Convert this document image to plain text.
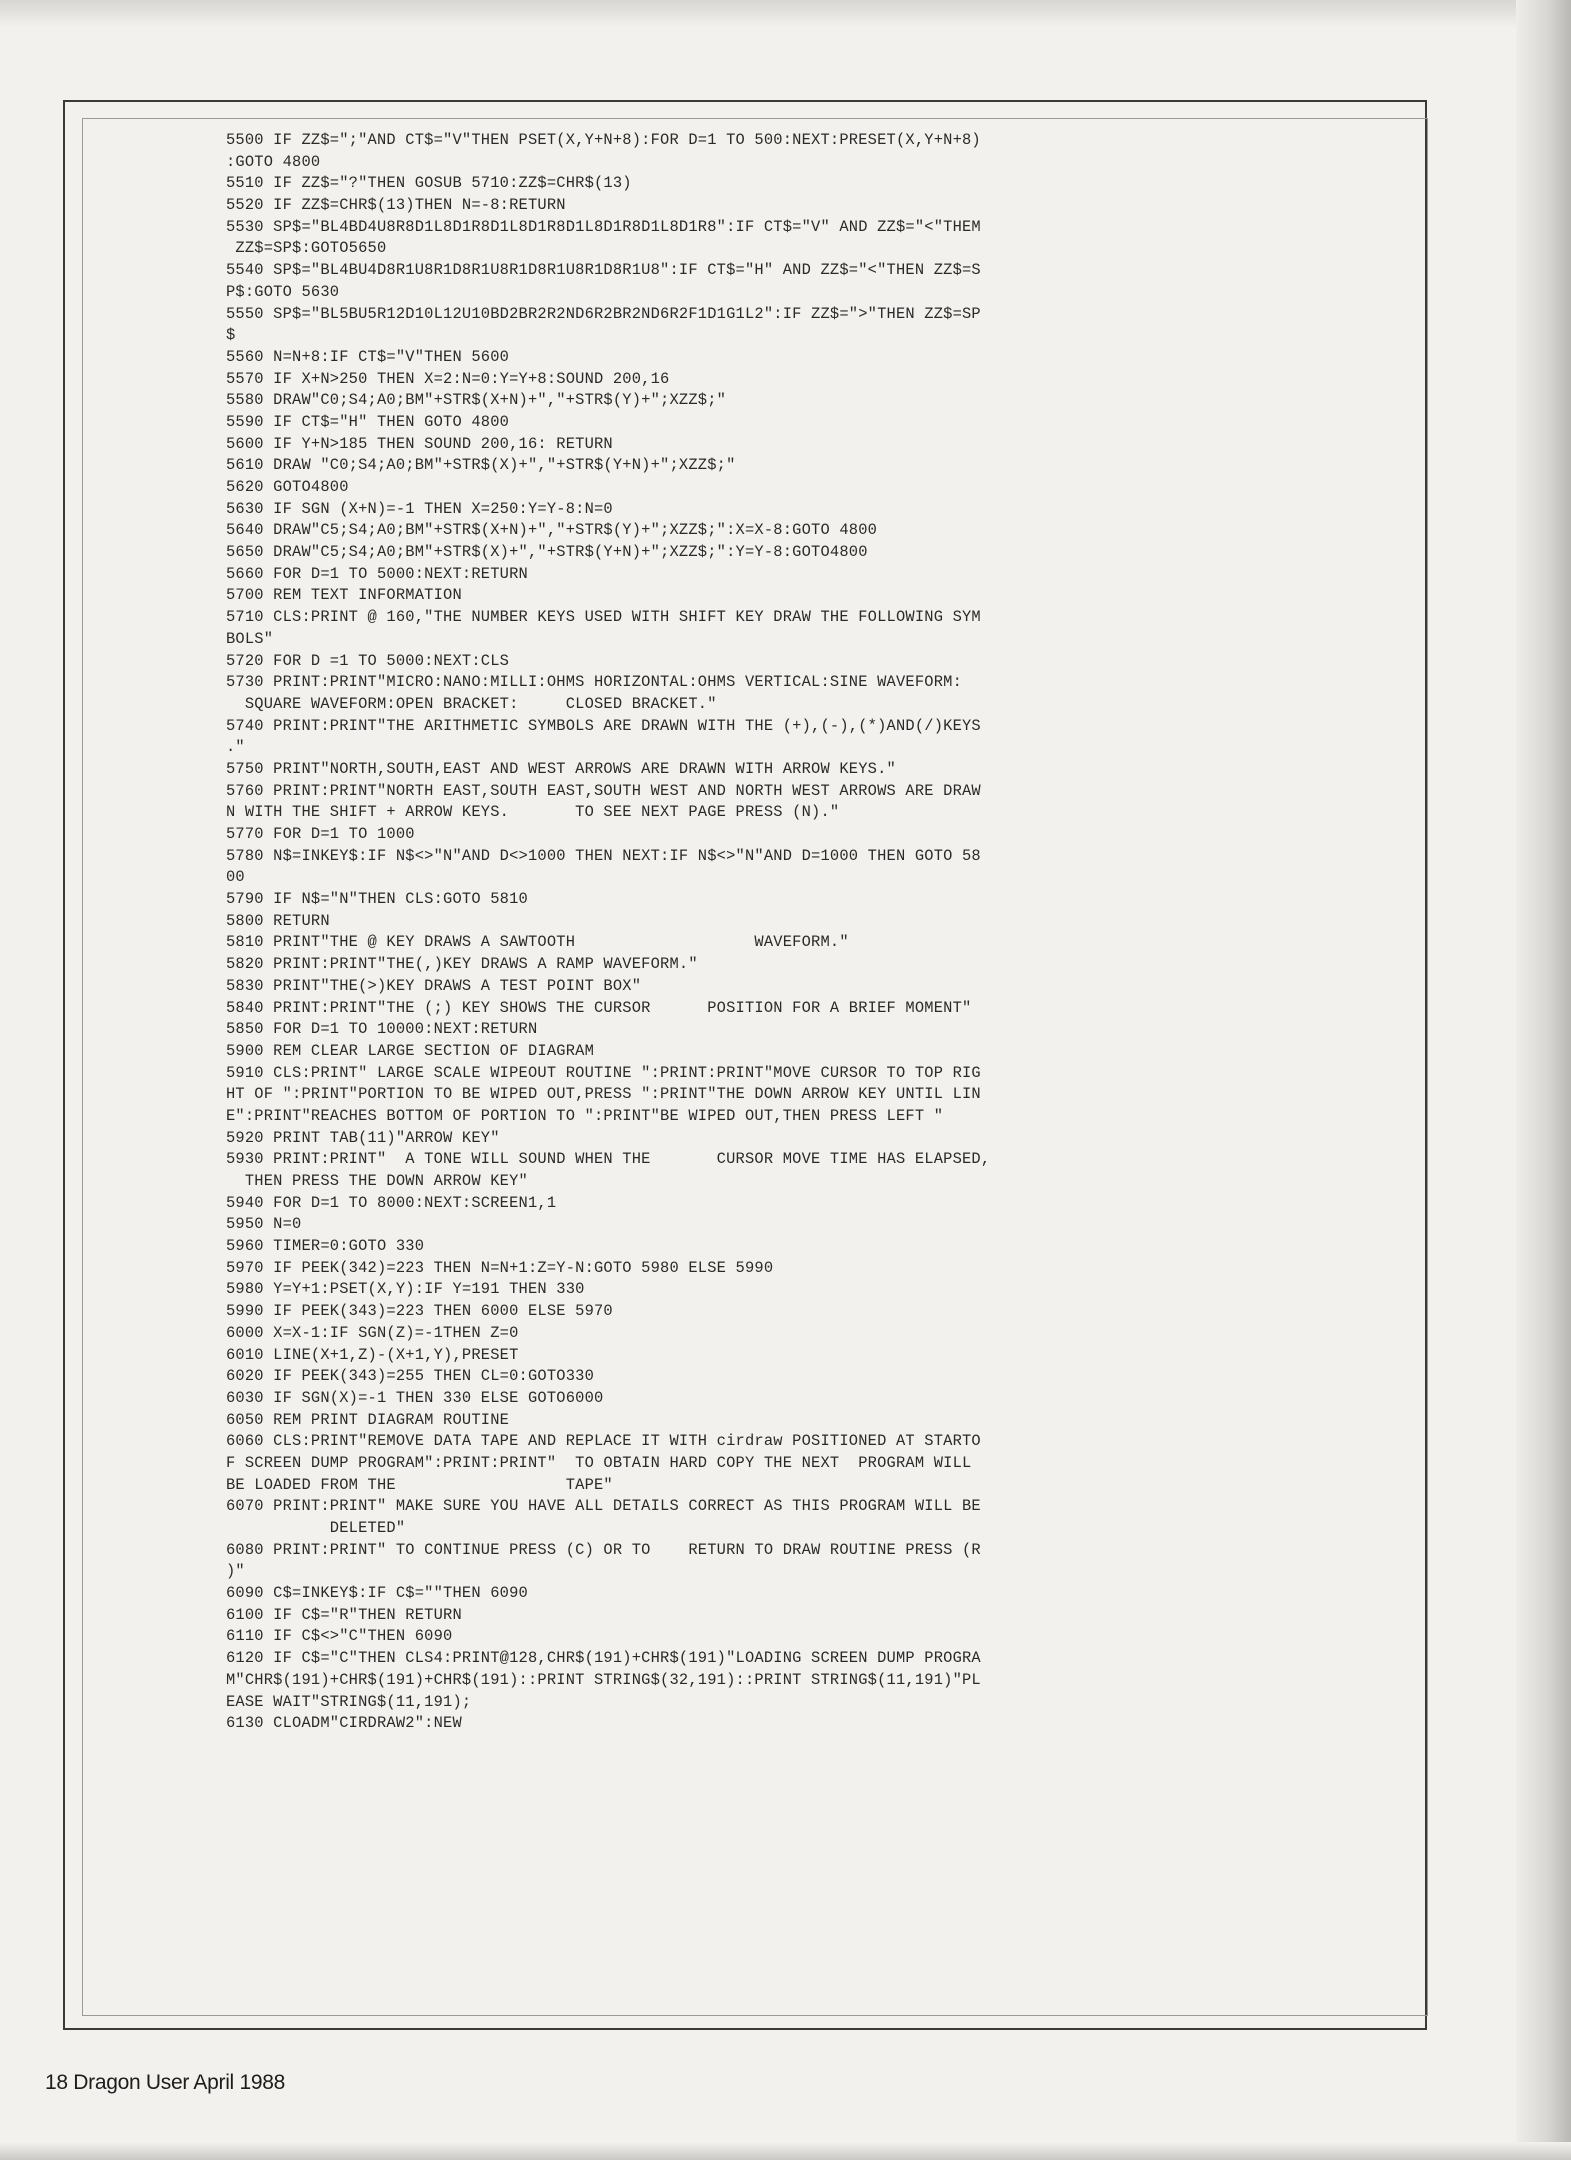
5500 IF ZZ$=";"AND CT$="V"THEN PSET(X,Y+N+8):FOR D=1 TO 500:NEXT:PRESET(X,Y+N+8)
:GOTO 4800
5510 IF ZZ$="?"THEN GOSUB 5710:ZZ$=CHR$(13)
5520 IF ZZ$=CHR$(13)THEN N=-8:RETURN
5530 SP$="BL4BD4U8R8D1L8D1R8D1L8D1R8D1L8D1R8D1L8D1R8":IF CT$="V" AND ZZ$="<"THEM
ZZ$=SP$:GOTO5650
5540 SP$="BL4BU4D8R1U8R1D8R1U8R1D8R1U8R1D8R1U8":IF CT$="H" AND ZZ$="<"THEN ZZ$=S
P$:GOTO 5630
5550 SP$="BL5BU5R12D10L12U10BD2BR2R2ND6R2BR2ND6R2F1D1G1L2":IF ZZ$=">"THEN ZZ$=SP
$
5560 N=N+8:IF CT$="V"THEN 5600
5570 IF X+N>250 THEN X=2:N=0:Y=Y+8:SOUND 200,16
5580 DRAW"C0;S4;A0;BM"+STR$(X+N)+","+STR$(Y)+";XZZ$;"
5590 IF CT$="H" THEN GOTO 4800
5600 IF Y+N>185 THEN SOUND 200,16: RETURN
5610 DRAW "C0;S4;A0;BM"+STR$(X)+","+STR$(Y+N)+";XZZ$;"
5620 GOTO4800
5630 IF SGN (X+N)=-1 THEN X=250:Y=Y-8:N=0
5640 DRAW"C5;S4;A0;BM"+STR$(X+N)+","+STR$(Y)+";XZZ$;":X=X-8:GOTO 4800
5650 DRAW"C5;S4;A0;BM"+STR$(X)+","+STR$(Y+N)+";XZZ$;":Y=Y-8:GOTO4800
5660 FOR D=1 TO 5000:NEXT:RETURN
5700 REM TEXT INFORMATION
5710 CLS:PRINT @ 160,"THE NUMBER KEYS USED WITH SHIFT KEY DRAW THE FOLLOWING SYM
BOLS"
5720 FOR D =1 TO 5000:NEXT:CLS
5730 PRINT:PRINT"MICRO:NANO:MILLI:OHMS HORIZONTAL:OHMS VERTICAL:SINE WAVEFORM:
SQUARE WAVEFORM:OPEN BRACKET:     CLOSED BRACKET."
5740 PRINT:PRINT"THE ARITHMETIC SYMBOLS ARE DRAWN WITH THE (+),(-),(*)AND(/)KEYS
."
5750 PRINT"NORTH,SOUTH,EAST AND WEST ARROWS ARE DRAWN WITH ARROW KEYS."
5760 PRINT:PRINT"NORTH EAST,SOUTH EAST,SOUTH WEST AND NORTH WEST ARROWS ARE DRAW
N WITH THE SHIFT + ARROW KEYS.       TO SEE NEXT PAGE PRESS (N)."
5770 FOR D=1 TO 1000
5780 N$=INKEY$:IF N$<>"N"AND D<>1000 THEN NEXT:IF N$<>"N"AND D=1000 THEN GOTO 58
00
5790 IF N$="N"THEN CLS:GOTO 5810
5800 RETURN
5810 PRINT"THE @ KEY DRAWS A SAWTOOTH                   WAVEFORM."
5820 PRINT:PRINT"THE(,)KEY DRAWS A RAMP WAVEFORM."
5830 PRINT"THE(>)KEY DRAWS A TEST POINT BOX"
5840 PRINT:PRINT"THE (;) KEY SHOWS THE CURSOR      POSITION FOR A BRIEF MOMENT"
5850 FOR D=1 TO 10000:NEXT:RETURN
5900 REM CLEAR LARGE SECTION OF DIAGRAM
5910 CLS:PRINT" LARGE SCALE WIPEOUT ROUTINE ":PRINT:PRINT"MOVE CURSOR TO TOP RIG
HT OF ":PRINT"PORTION TO BE WIPED OUT,PRESS ":PRINT"THE DOWN ARROW KEY UNTIL LIN
E":PRINT"REACHES BOTTOM OF PORTION TO ":PRINT"BE WIPED OUT,THEN PRESS LEFT "
5920 PRINT TAB(11)"ARROW KEY"
5930 PRINT:PRINT"  A TONE WILL SOUND WHEN THE       CURSOR MOVE TIME HAS ELAPSED,
THEN PRESS THE DOWN ARROW KEY"
5940 FOR D=1 TO 8000:NEXT:SCREEN1,1
5950 N=0
5960 TIMER=0:GOTO 330
5970 IF PEEK(342)=223 THEN N=N+1:Z=Y-N:GOTO 5980 ELSE 5990
5980 Y=Y+1:PSET(X,Y):IF Y=191 THEN 330
5990 IF PEEK(343)=223 THEN 6000 ELSE 5970
6000 X=X-1:IF SGN(Z)=-1THEN Z=0
6010 LINE(X+1,Z)-(X+1,Y),PRESET
6020 IF PEEK(343)=255 THEN CL=0:GOTO330
6030 IF SGN(X)=-1 THEN 330 ELSE GOTO6000
6050 REM PRINT DIAGRAM ROUTINE
6060 CLS:PRINT"REMOVE DATA TAPE AND REPLACE IT WITH cirdraw POSITIONED AT STARTO
F SCREEN DUMP PROGRAM":PRINT:PRINT"  TO OBTAIN HARD COPY THE NEXT  PROGRAM WILL
BE LOADED FROM THE                  TAPE"
6070 PRINT:PRINT" MAKE SURE YOU HAVE ALL DETAILS CORRECT AS THIS PROGRAM WILL BE
DELETED"
6080 PRINT:PRINT" TO CONTINUE PRESS (C) OR TO    RETURN TO DRAW ROUTINE PRESS (R
)"
6090 C$=INKEY$:IF C$=""THEN 6090
6100 IF C$="R"THEN RETURN
6110 IF C$<>"C"THEN 6090
6120 IF C$="C"THEN CLS4:PRINT@128,CHR$(191)+CHR$(191)"LOADING SCREEN DUMP PROGRA
M"CHR$(191)+CHR$(191)+CHR$(191)::PRINT STRING$(32,191)::PRINT STRING$(11,191)"PL
EASE WAIT"STRING$(11,191);
6130 CLOADM"CIRDRAW2":NEW
18 Dragon User April 1988
